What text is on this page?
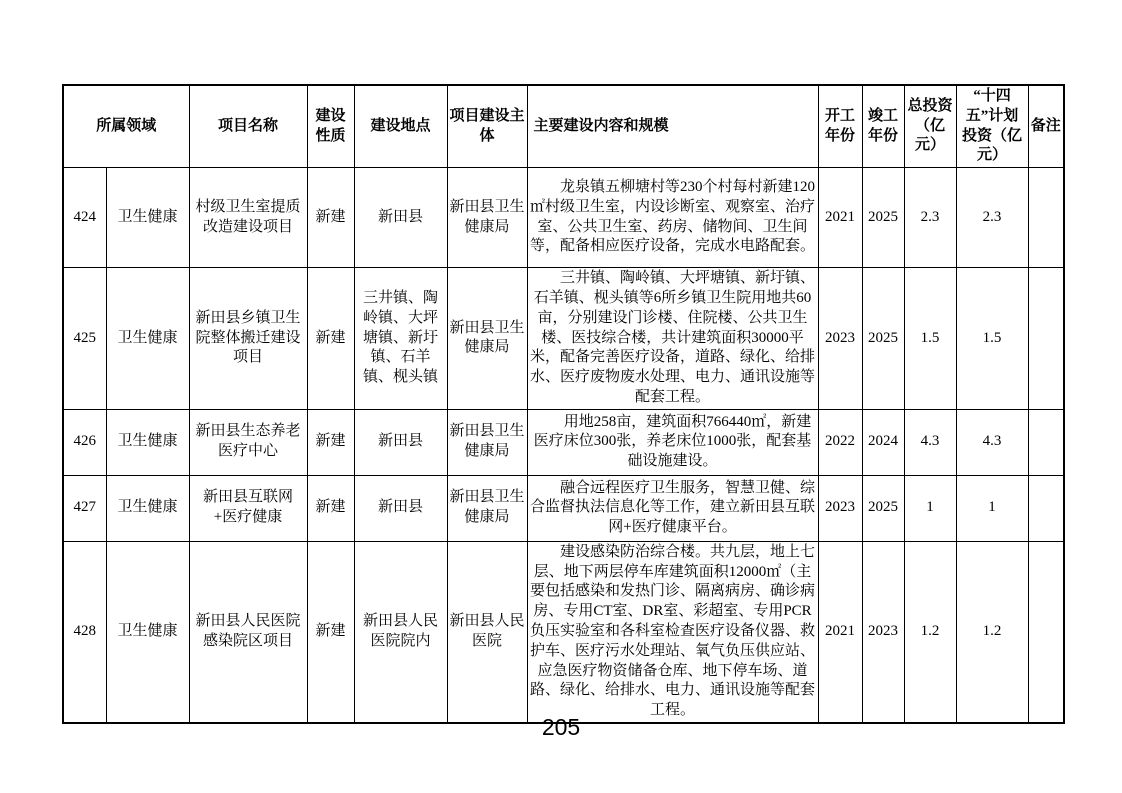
所属领域		项目名称	建设性质	建设地点	项目建设主体	主要建设内容和规模	开工年份	竣工年份	总投资（亿元）	“十四五”计划投资（亿元）	备注
424	卫生健康	村级卫生室提质改造建设项目	新建	新田县	新田县卫生健康局	龙泉镇五柳塘村等230个村每村新建120㎡村级卫生室，内设诊断室、观察室、治疗室、公共卫生室、药房、储物间、卫生间等，配备相应医疗设备，完成水电路配套。	2021	2025	2.3	2.3	
425	卫生健康	新田县乡镇卫生院整体搬迁建设项目	新建	三井镇、陶岭镇、大坪塘镇、新圩镇、石羊镇、枧头镇	新田县卫生健康局	三井镇、陶岭镇、大坪塘镇、新圩镇、石羊镇、枧头镇等6所乡镇卫生院用地共60亩，分别建设门诊楼、住院楼、公共卫生楼、医技综合楼，共计建筑面积30000平米，配备完善医疗设备，道路、绿化、给排水、医疗废物废水处理、电力、通讯设施等配套工程。	2023	2025	1.5	1.5	
426	卫生健康	新田县生态养老医疗中心	新建	新田县	新田县卫生健康局	用地258亩，建筑面积766440㎡，新建医疗床位300张，养老床位1000张，配套基础设施建设。	2022	2024	4.3	4.3	
427	卫生健康	新田县互联网+医疗健康	新建	新田县	新田县卫生健康局	融合远程医疗卫生服务，智慧卫健、综合监督执法信息化等工作，建立新田县互联网+医疗健康平台。	2023	2025	1	1	
428	卫生健康	新田县人民医院感染院区项目	新建	新田县人民医院院内	新田县人民医院	建设感染防治综合楼。共九层，地上七层、地下两层停车库建筑面积12000㎡（主要包括感染和发热门诊、隔离病房、确诊病房、专用CT室、DR室、彩超室、专用PCR负压实验室和各科室检查医疗设备仪器、救护车、医疗污水处理站、氧气负压供应站、应急医疗物资储备仓库、地下停车场、道路、绿化、给排水、电力、通讯设施等配套工程。	2021	2023	1.2	1.2	
205
